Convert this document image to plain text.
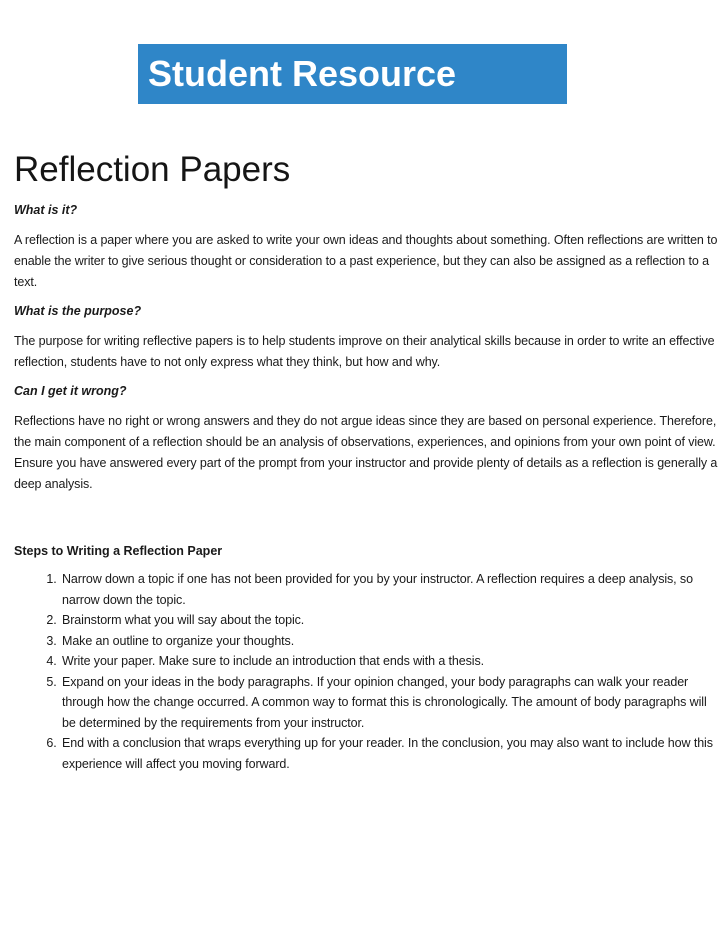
Student Resource
Reflection Papers
What is it?
A reflection is a paper where you are asked to write your own ideas and thoughts about something. Often reflections are written to enable the writer to give serious thought or consideration to a past experience, but they can also be assigned as a reflection to a text.
What is the purpose?
The purpose for writing reflective papers is to help students improve on their analytical skills because in order to write an effective reflection, students have to not only express what they think, but how and why.
Can I get it wrong?
Reflections have no right or wrong answers and they do not argue ideas since they are based on personal experience. Therefore, the main component of a reflection should be an analysis of observations, experiences, and opinions from your own point of view. Ensure you have answered every part of the prompt from your instructor and provide plenty of details as a reflection is generally a deep analysis.
Steps to Writing a Reflection Paper
1. Narrow down a topic if one has not been provided for you by your instructor. A reflection requires a deep analysis, so narrow down the topic.
2. Brainstorm what you will say about the topic.
3. Make an outline to organize your thoughts.
4. Write your paper. Make sure to include an introduction that ends with a thesis.
5. Expand on your ideas in the body paragraphs. If your opinion changed, your body paragraphs can walk your reader through how the change occurred. A common way to format this is chronologically. The amount of body paragraphs will be determined by the requirements from your instructor.
6. End with a conclusion that wraps everything up for your reader. In the conclusion, you may also want to include how this experience will affect you moving forward.
